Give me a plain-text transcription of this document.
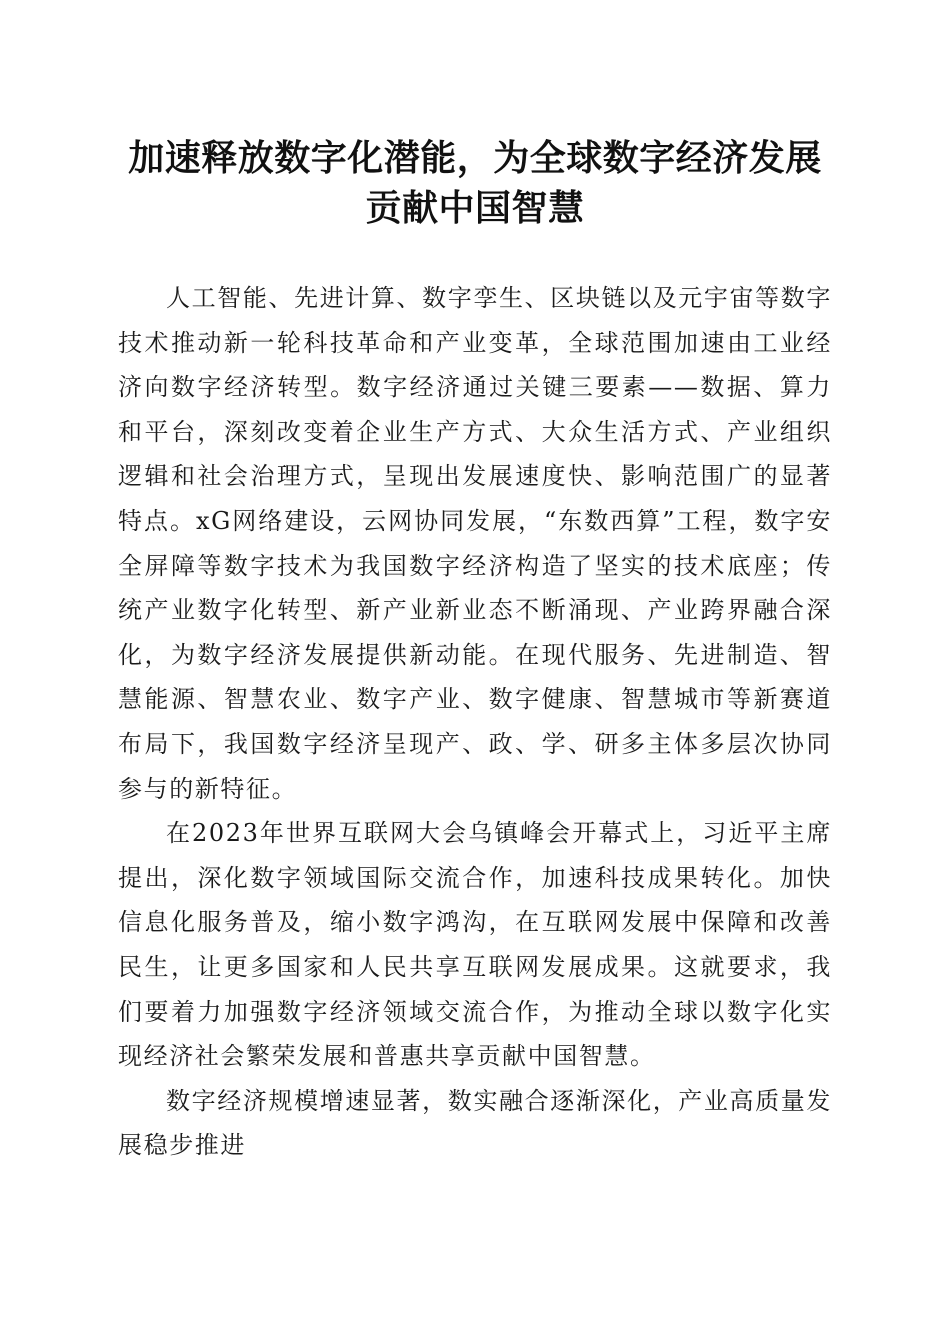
加速释放数字化潜能，为全球数字经济发展贡献中国智慧

人工智能、先进计算、数字孪生、区块链以及元宇宙等数字技术推动新一轮科技革命和产业变革，全球范围加速由工业经济向数字经济转型。数字经济通过关键三要素——数据、算力和平台，深刻改变着企业生产方式、大众生活方式、产业组织逻辑和社会治理方式，呈现出发展速度快、影响范围广的显著特点。xG网络建设，云网协同发展，“东数西算”工程，数字安全屏障等数字技术为我国数字经济构造了坚实的技术底座；传统产业数字化转型、新产业新业态不断涌现、产业跨界融合深化，为数字经济发展提供新动能。在现代服务、先进制造、智慧能源、智慧农业、数字产业、数字健康、智慧城市等新赛道布局下，我国数字经济呈现产、政、学、研多主体多层次协同参与的新特征。

在2023年世界互联网大会乌镇峰会开幕式上，习近平主席提出，深化数字领域国际交流合作，加速科技成果转化。加快信息化服务普及，缩小数字鸿沟，在互联网发展中保障和改善民生，让更多国家和人民共享互联网发展成果。这就要求，我们要着力加强数字经济领域交流合作，为推动全球以数字化实现经济社会繁荣发展和普惠共享贡献中国智慧。

数字经济规模增速显著，数实融合逐渐深化，产业高质量发展稳步推进
